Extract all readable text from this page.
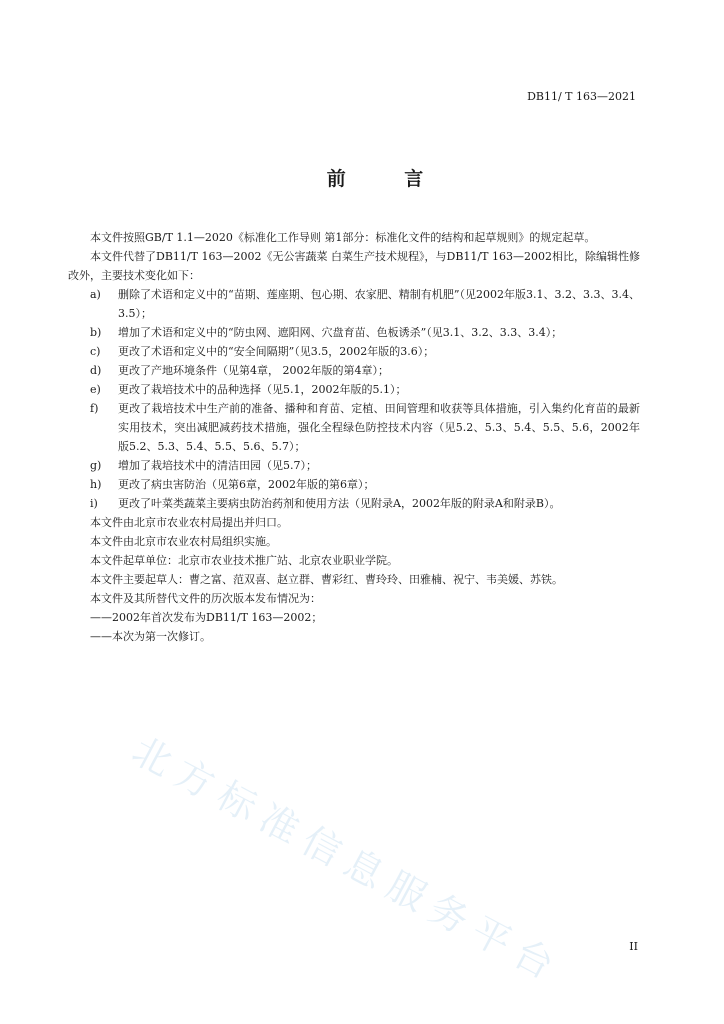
DB11/ T 163—2021
前 言

本文件按照GB/T 1.1—2020《标准化工作导则 第1部分：标准化文件的结构和起草规则》的规定起草。

本文件代替了DB11/T 163—2002《无公害蔬菜 白菜生产技术规程》，与DB11/T 163—2002相比，除编辑性修改外，主要技术变化如下：

a)	删除了术语和定义中的“苗期、莲座期、包心期、农家肥、精制有机肥”（见2002年版3.1、3.2、3.3、3.4、3.5）；
b)	增加了术语和定义中的“防虫网、遮阳网、穴盘育苗、色板诱杀”（见3.1、3.2、3.3、3.4）；
c)	更改了术语和定义中的“安全间隔期”（见3.5，2002年版的3.6）；
d)	更改了产地环境条件（见第4章， 2002年版的第4章）；
e)	更改了栽培技术中的品种选择（见5.1，2002年版的5.1）；
f)	更改了栽培技术中生产前的准备、播种和育苗、定植、田间管理和收获等具体措施，引入集约化育苗的最新实用技术，突出减肥减药技术措施，强化全程绿色防控技术内容（见5.2、5.3、5.4、5.5、5.6，2002年版5.2、5.3、5.4、5.5、5.6、5.7）；
g)	增加了栽培技术中的清洁田园（见5.7）；
h)	更改了病虫害防治（见第6章，2002年版的第6章）；
i)	更改了叶菜类蔬菜主要病虫防治药剂和使用方法（见附录A，2002年版的附录A和附录B）。

本文件由北京市农业农村局提出并归口。

本文件由北京市农业农村局组织实施。

本文件起草单位：北京市农业技术推广站、北京农业职业学院。

本文件主要起草人：曹之富、范双喜、赵立群、曹彩红、曹玲玲、田雅楠、祝宁、韦美媛、苏铁。

本文件及其所替代文件的历次版本发布情况为：

——2002年首次发布为DB11/T 163—2002；

——本次为第一次修订。

北方标准信息服务平台	II
